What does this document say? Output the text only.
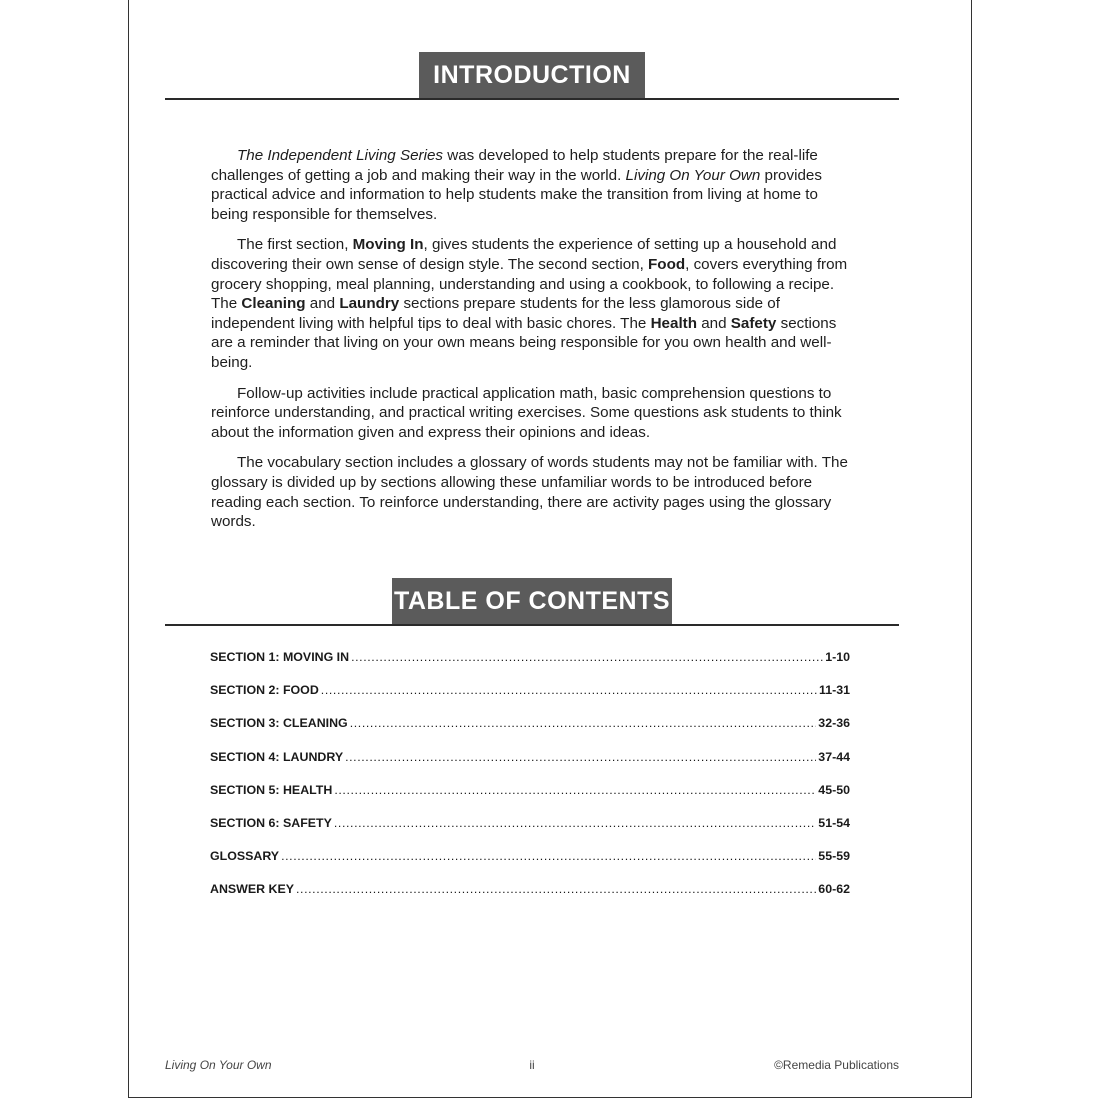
INTRODUCTION

The Independent Living Series was developed to help students prepare for the real-life challenges of getting a job and making their way in the world. Living On Your Own provides practical advice and information to help students make the transition from living at home to being responsible for themselves.

The first section, Moving In, gives students the experience of setting up a household and discovering their own sense of design style. The second section, Food, covers everything from grocery shopping, meal planning, understanding and using a cookbook, to following a recipe. The Cleaning and Laundry sections prepare students for the less glamorous side of independent living with helpful tips to deal with basic chores. The Health and Safety sections are a reminder that living on your own means being responsible for you own health and well-being.

Follow-up activities include practical application math, basic comprehension questions to reinforce understanding, and practical writing exercises. Some questions ask students to think about the information given and express their opinions and ideas.

The vocabulary section includes a glossary of words students may not be familiar with. The glossary is divided up by sections allowing these unfamiliar words to be introduced before reading each section. To reinforce understanding, there are activity pages using the glossary words.

TABLE OF CONTENTS
SECTION 1: MOVING IN .....	1-10
SECTION 2: FOOD .....	11-31
SECTION 3: CLEANING .....	32-36
SECTION 4: LAUNDRY .....	37-44
SECTION 5: HEALTH .....	45-50
SECTION 6: SAFETY .....	51-54
GLOSSARY .....	55-59
ANSWER KEY .....	60-62
Living On Your Own	ii	©Remedia Publications
